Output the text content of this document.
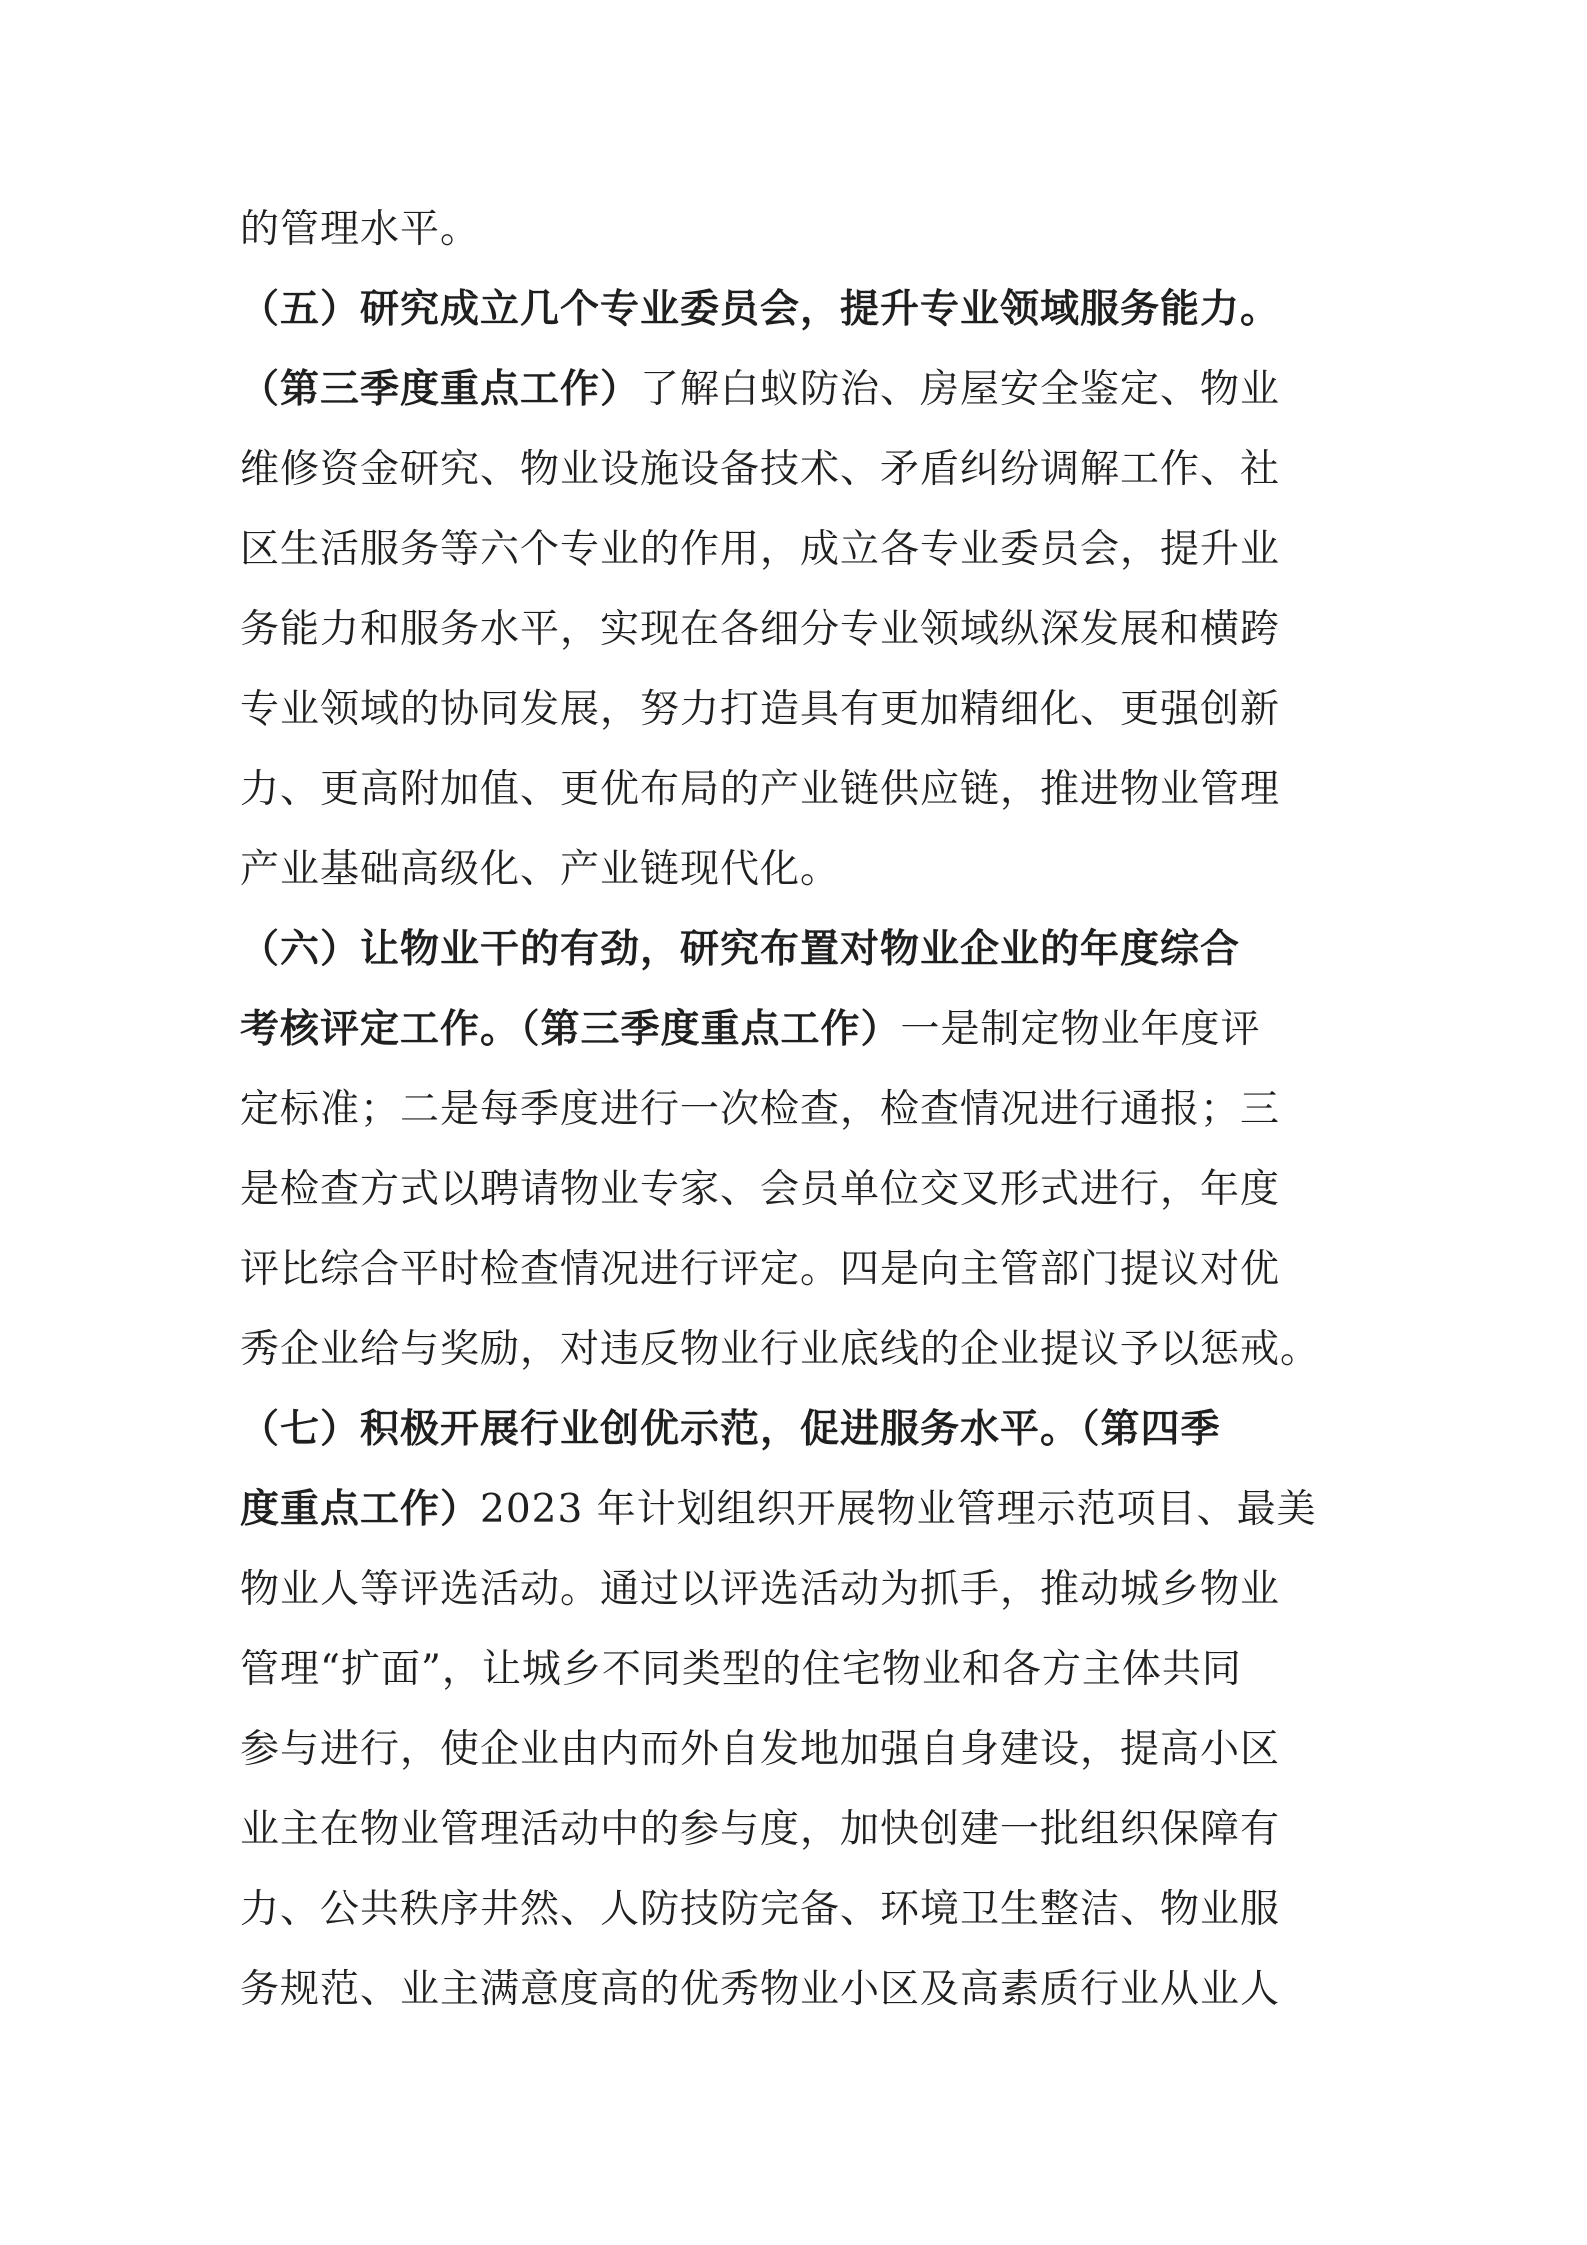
的管理水平。
（五）研究成立几个专业委员会，提升专业领域服务能力。
（第三季度重点工作）了解白蚁防治、房屋安全鉴定、物业
维修资金研究、物业设施设备技术、矛盾纠纷调解工作、社
区生活服务等六个专业的作用，成立各专业委员会，提升业
务能力和服务水平，实现在各细分专业领域纵深发展和横跨
专业领域的协同发展，努力打造具有更加精细化、更强创新
力、更高附加值、更优布局的产业链供应链，推进物业管理
产业基础高级化、产业链现代化。
（六）让物业干的有劲，研究布置对物业企业的年度综合
考核评定工作。（第三季度重点工作）一是制定物业年度评
定标准；二是每季度进行一次检查，检查情况进行通报；三
是检查方式以聘请物业专家、会员单位交叉形式进行，年度
评比综合平时检查情况进行评定。四是向主管部门提议对优
秀企业给与奖励，对违反物业行业底线的企业提议予以惩戒。
（七）积极开展行业创优示范，促进服务水平。（第四季
度重点工作）2023 年计划组织开展物业管理示范项目、最美
物业人等评选活动。通过以评选活动为抓手，推动城乡物业
管理“扩面”，让城乡不同类型的住宅物业和各方主体共同
参与进行，使企业由内而外自发地加强自身建设，提高小区
业主在物业管理活动中的参与度，加快创建一批组织保障有
力、公共秩序井然、人防技防完备、环境卫生整洁、物业服
务规范、业主满意度高的优秀物业小区及高素质行业从业人
